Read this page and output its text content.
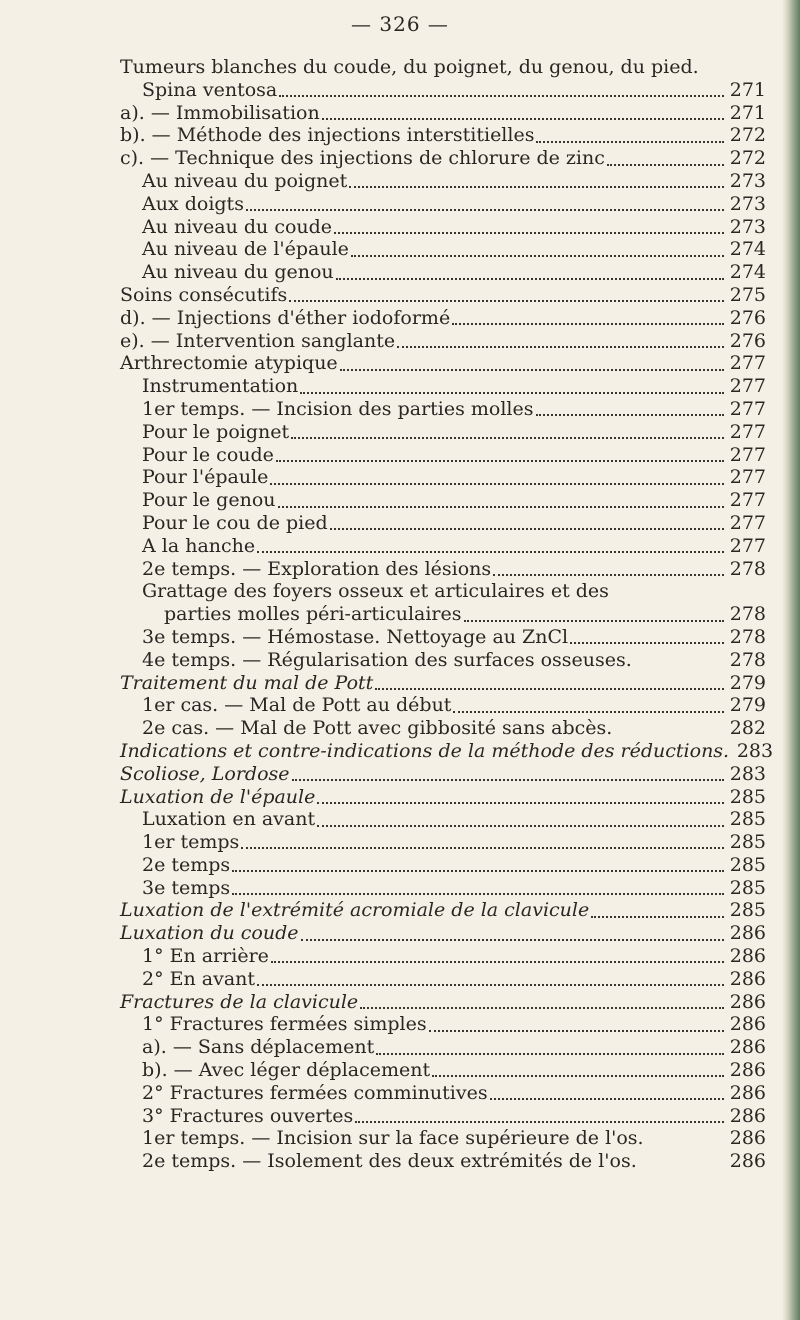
— 326 —
Tumeurs blanches du coude, du poignet, du genou, du pied.
Spina ventosa	271
a). — Immobilisation	271
b). — Méthode des injections interstitielles	272
c). — Technique des injections de chlorure de zinc	272
Au niveau du poignet	273
Aux doigts	273
Au niveau du coude	273
Au niveau de l'épaule	274
Au niveau du genou	274
Soins consécutifs	275
d). — Injections d'éther iodoformé	276
e). — Intervention sanglante	276
Arthrectomie atypique	277
Instrumentation	277
1er temps. — Incision des parties molles	277
Pour le poignet	277
Pour le coude	277
Pour l'épaule	277
Pour le genou	277
Pour le cou de pied	277
A la hanche	277
2e temps. — Exploration des lésions	278
Grattage des foyers osseux et articulaires et des
parties molles péri-articulaires	278
3e temps. — Hémostase. Nettoyage au ZnCl	278
4e temps. — Régularisation des surfaces osseuses.	278
Traitement du mal de Pott	279
1er cas. — Mal de Pott au début	279
2e cas. — Mal de Pott avec gibbosité sans abcès.	282
Indications et contre-indications de la méthode des réductions. 283
Scoliose, Lordose	283
Luxation de l'épaule	285
Luxation en avant	285
1er temps	285
2e temps	285
3e temps	285
Luxation de l'extrémité acromiale de la clavicule	285
Luxation du coude	286
1° En arrière	286
2° En avant	286
Fractures de la clavicule	286
1° Fractures fermées simples	286
a). — Sans déplacement	286
b). — Avec léger déplacement	286
2° Fractures fermées comminutives	286
3° Fractures ouvertes	286
1er temps. — Incision sur la face supérieure de l'os.	286
2e temps. — Isolement des deux extrémités de l'os.	286
